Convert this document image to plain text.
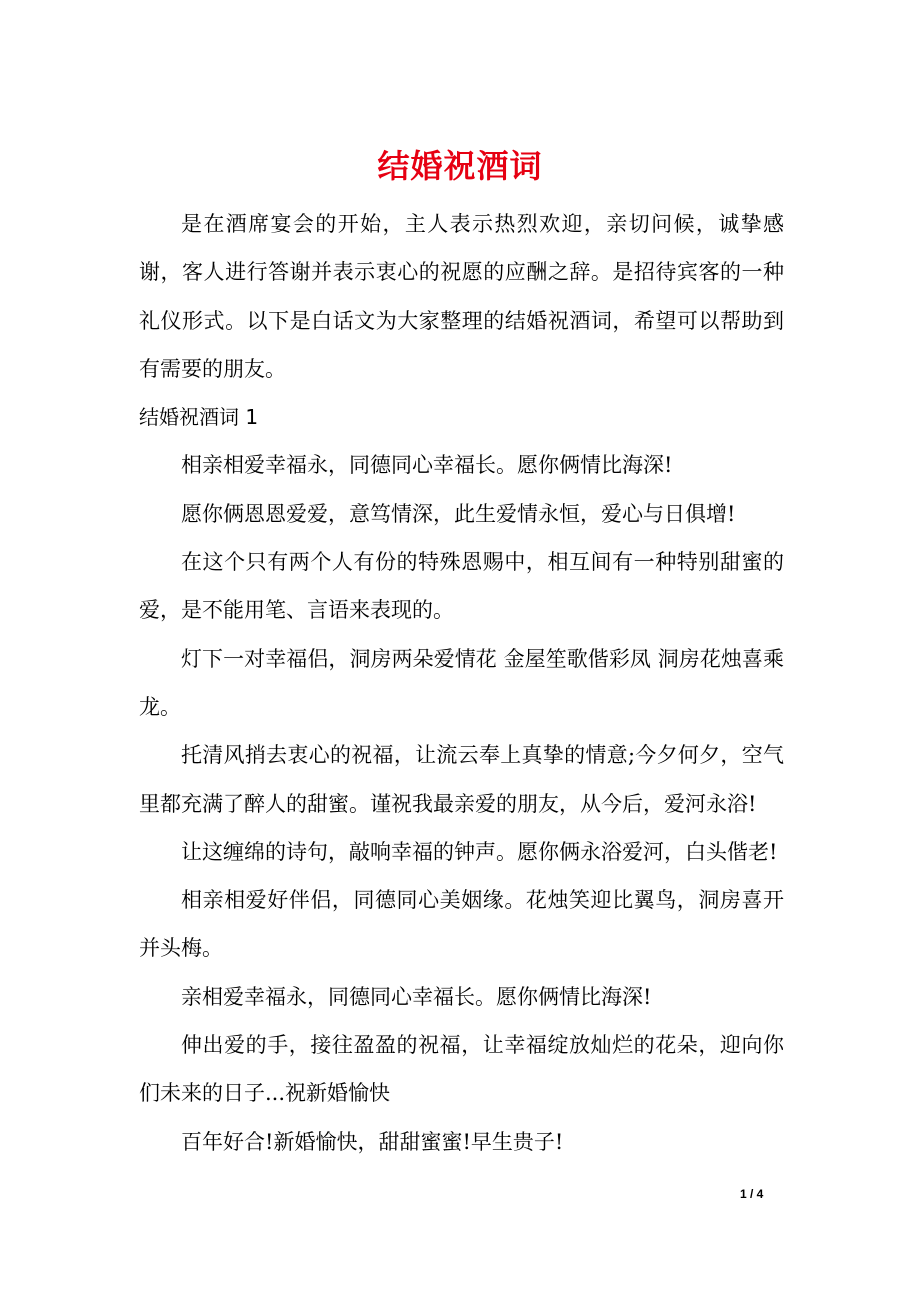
结婚祝酒词

是在酒席宴会的开始，主人表示热烈欢迎，亲切问候，诚挚感谢，客人进行答谢并表示衷心的祝愿的应酬之辞。是招待宾客的一种礼仪形式。以下是白话文为大家整理的结婚祝酒词，希望可以帮助到有需要的朋友。

结婚祝酒词 1

相亲相爱幸福永，同德同心幸福长。愿你俩情比海深!

愿你俩恩恩爱爱，意笃情深，此生爱情永恒，爱心与日俱增!

在这个只有两个人有份的特殊恩赐中，相互间有一种特别甜蜜的爱，是不能用笔、言语来表现的。

灯下一对幸福侣，洞房两朵爱情花 金屋笙歌偕彩凤 洞房花烛喜乘龙。

托清风捎去衷心的祝福，让流云奉上真挚的情意;今夕何夕，空气里都充满了醉人的甜蜜。谨祝我最亲爱的朋友，从今后，爱河永浴!

让这缠绵的诗句，敲响幸福的钟声。愿你俩永浴爱河，白头偕老!

相亲相爱好伴侣，同德同心美姻缘。花烛笑迎比翼鸟，洞房喜开并头梅。

亲相爱幸福永，同德同心幸福长。愿你俩情比海深!

伸出爱的手，接往盈盈的祝福，让幸福绽放灿烂的花朵，迎向你们未来的日子...祝新婚愉快

百年好合!新婚愉快，甜甜蜜蜜!早生贵子!

1 / 4
